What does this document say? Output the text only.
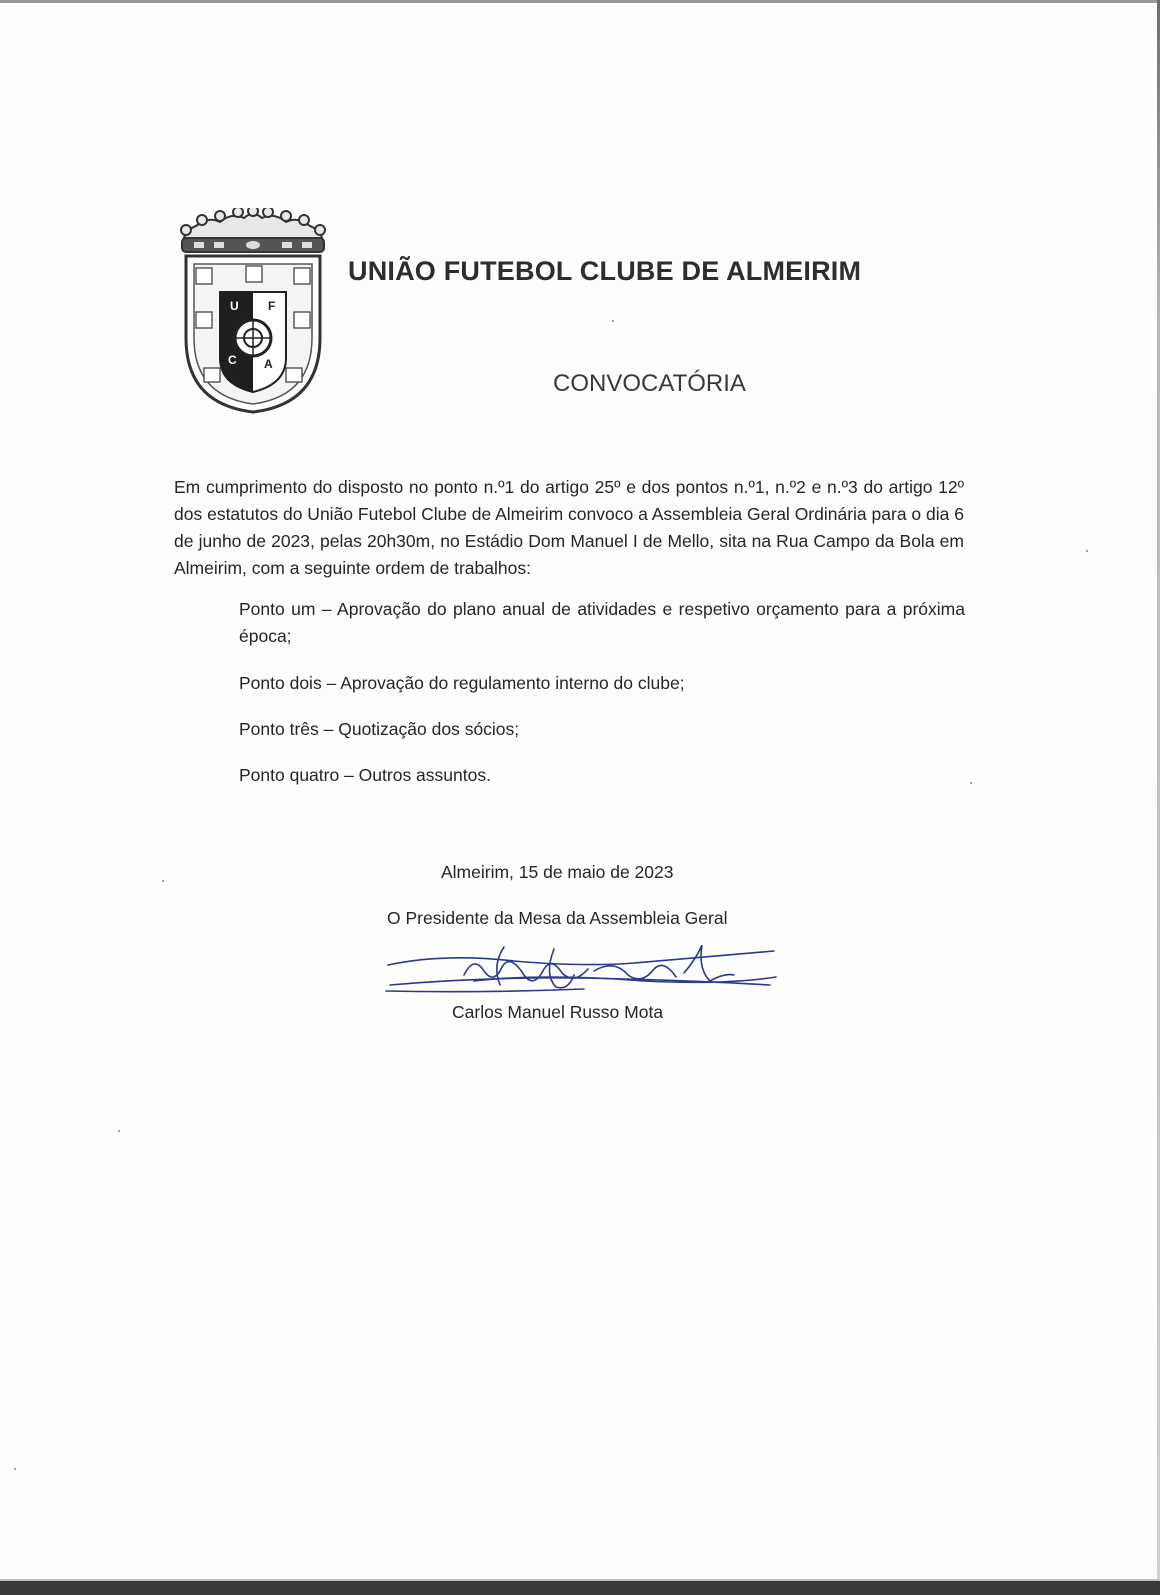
U F
C A
UNIÃO FUTEBOL CLUBE DE ALMEIRIM
CONVOCATÓRIA
Em cumprimento do disposto no ponto n.º1 do artigo 25º e dos pontos n.º1, n.º2 e n.º3 do artigo 12º dos estatutos do União Futebol Clube de Almeirim convoco a Assembleia Geral Ordinária para o dia 6 de junho de 2023, pelas 20h30m, no Estádio Dom Manuel I de Mello, sita na Rua Campo da Bola em Almeirim, com a seguinte ordem de trabalhos:
Ponto um – Aprovação do plano anual de atividades e respetivo orçamento para a próxima época;
Ponto dois – Aprovação do regulamento interno do clube;
Ponto três – Quotização dos sócios;
Ponto quatro – Outros assuntos.
Almeirim, 15 de maio de 2023
O Presidente da Mesa da Assembleia Geral
Carlos Manuel Russo Mota
